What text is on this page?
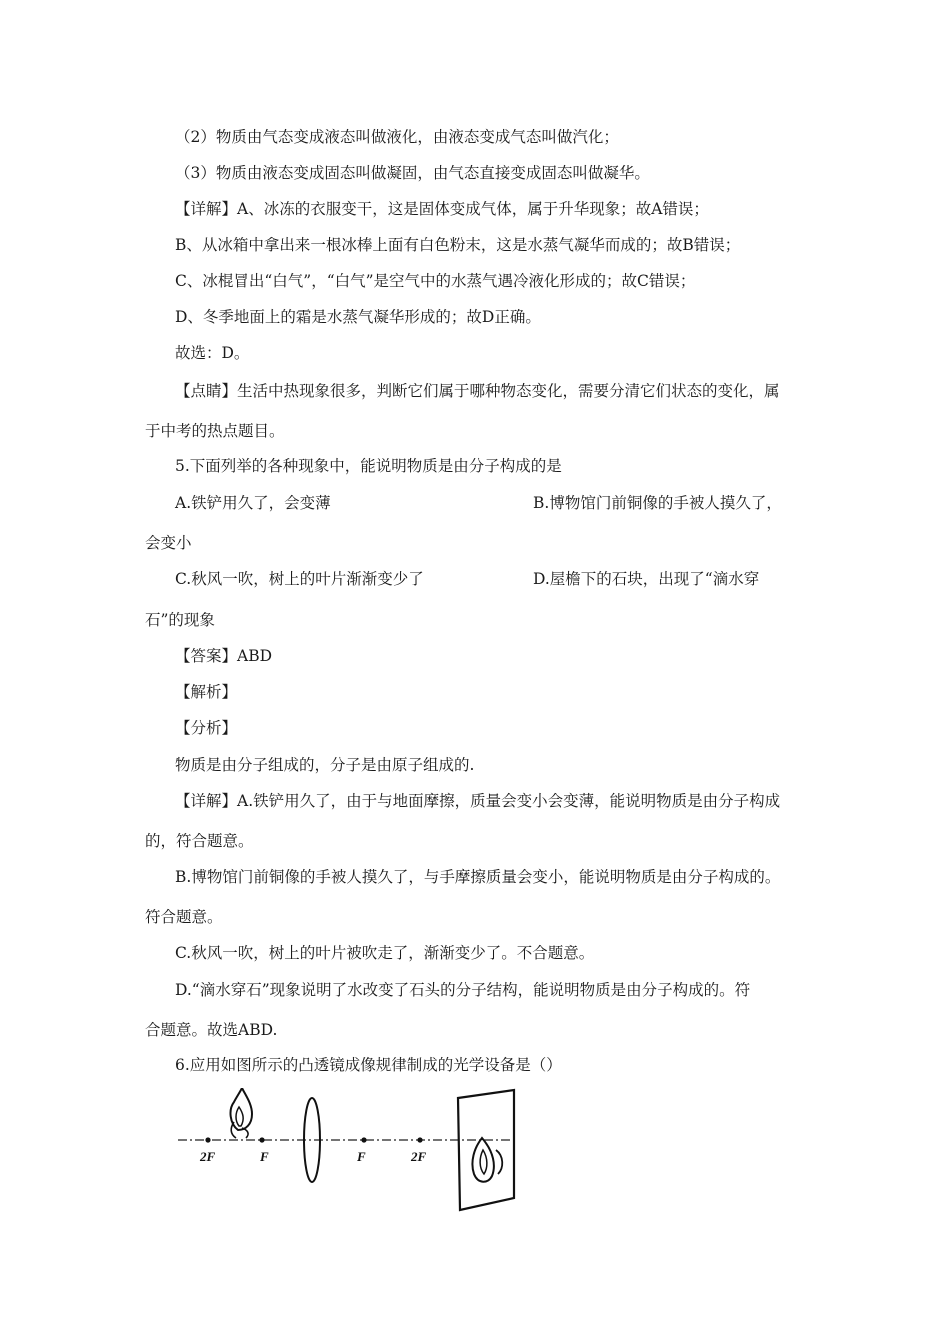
（2）物质由气态变成液态叫做液化，由液态变成气态叫做汽化；
（3）物质由液态变成固态叫做凝固，由气态直接变成固态叫做凝华。
【详解】A、冰冻的衣服变干，这是固体变成气体，属于升华现象；故A错误；
B、从冰箱中拿出来一根冰棒上面有白色粉末，这是水蒸气凝华而成的；故B错误；
C、冰棍冒出“白气”，“白气”是空气中的水蒸气遇冷液化形成的；故C错误；
D、冬季地面上的霜是水蒸气凝华形成的；故D正确。
故选：D。
【点睛】生活中热现象很多，判断它们属于哪种物态变化，需要分清它们状态的变化，属
于中考的热点题目。
5.下面列举的各种现象中，能说明物质是由分子构成的是
A.铁铲用久了，会变薄	B.博物馆门前铜像的手被人摸久了，
会变小
C.秋风一吹，树上的叶片渐渐变少了	D.屋檐下的石块，出现了“滴水穿
石”的现象
【答案】ABD
【解析】
【分析】
物质是由分子组成的，分子是由原子组成的.
【详解】A.铁铲用久了，由于与地面摩擦，质量会变小会变薄，能说明物质是由分子构成
的，符合题意。
B.博物馆门前铜像的手被人摸久了，与手摩擦质量会变小，能说明物质是由分子构成的。
符合题意。
C.秋风一吹，树上的叶片被吹走了，渐渐变少了。不合题意。
D.“滴水穿石”现象说明了水改变了石头的分子结构，能说明物质是由分子构成的。符
合题意。故选ABD.
6.应用如图所示的凸透镜成像规律制成的光学设备是（）
2F	F	F	2F
